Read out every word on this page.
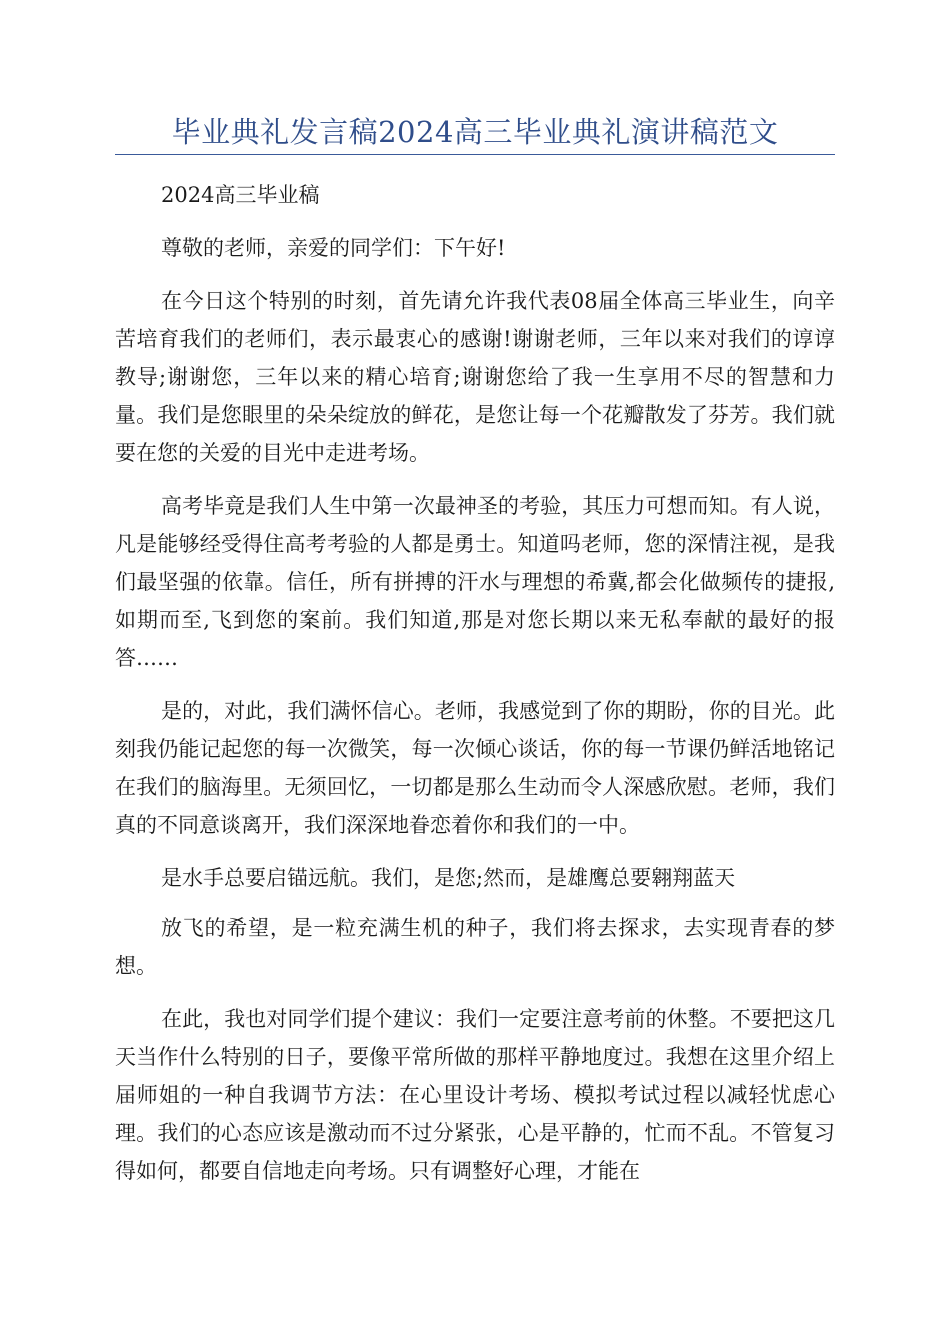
毕业典礼发言稿2024高三毕业典礼演讲稿范文

2024高三毕业稿

尊敬的老师，亲爱的同学们：下午好!

在今日这个特别的时刻，首先请允许我代表08届全体高三毕业生，向辛苦培育我们的老师们，表示最衷心的感谢!谢谢老师，三年以来对我们的谆谆教导;谢谢您，三年以来的精心培育;谢谢您给了我一生享用不尽的智慧和力量。我们是您眼里的朵朵绽放的鲜花，是您让每一个花瓣散发了芬芳。我们就要在您的关爱的目光中走进考场。

高考毕竟是我们人生中第一次最神圣的考验，其压力可想而知。有人说，凡是能够经受得住高考考验的人都是勇士。知道吗老师，您的深情注视，是我们最坚强的依靠。信任，所有拼搏的汗水与理想的希冀,都会化做频传的捷报,如期而至,飞到您的案前。我们知道,那是对您长期以来无私奉献的最好的报答……

是的，对此，我们满怀信心。老师，我感觉到了你的期盼，你的目光。此刻我仍能记起您的每一次微笑，每一次倾心谈话，你的每一节课仍鲜活地铭记在我们的脑海里。无须回忆，一切都是那么生动而令人深感欣慰。老师，我们真的不同意谈离开，我们深深地眷恋着你和我们的一中。

是水手总要启锚远航。我们，是您;然而，是雄鹰总要翱翔蓝天

放飞的希望，是一粒充满生机的种子，我们将去探求，去实现青春的梦想。

在此，我也对同学们提个建议：我们一定要注意考前的休整。不要把这几天当作什么特别的日子，要像平常所做的那样平静地度过。我想在这里介绍上届师姐的一种自我调节方法：在心里设计考场、模拟考试过程以减轻忧虑心理。我们的心态应该是激动而不过分紧张，心是平静的，忙而不乱。不管复习得如何，都要自信地走向考场。只有调整好心理，才能在
